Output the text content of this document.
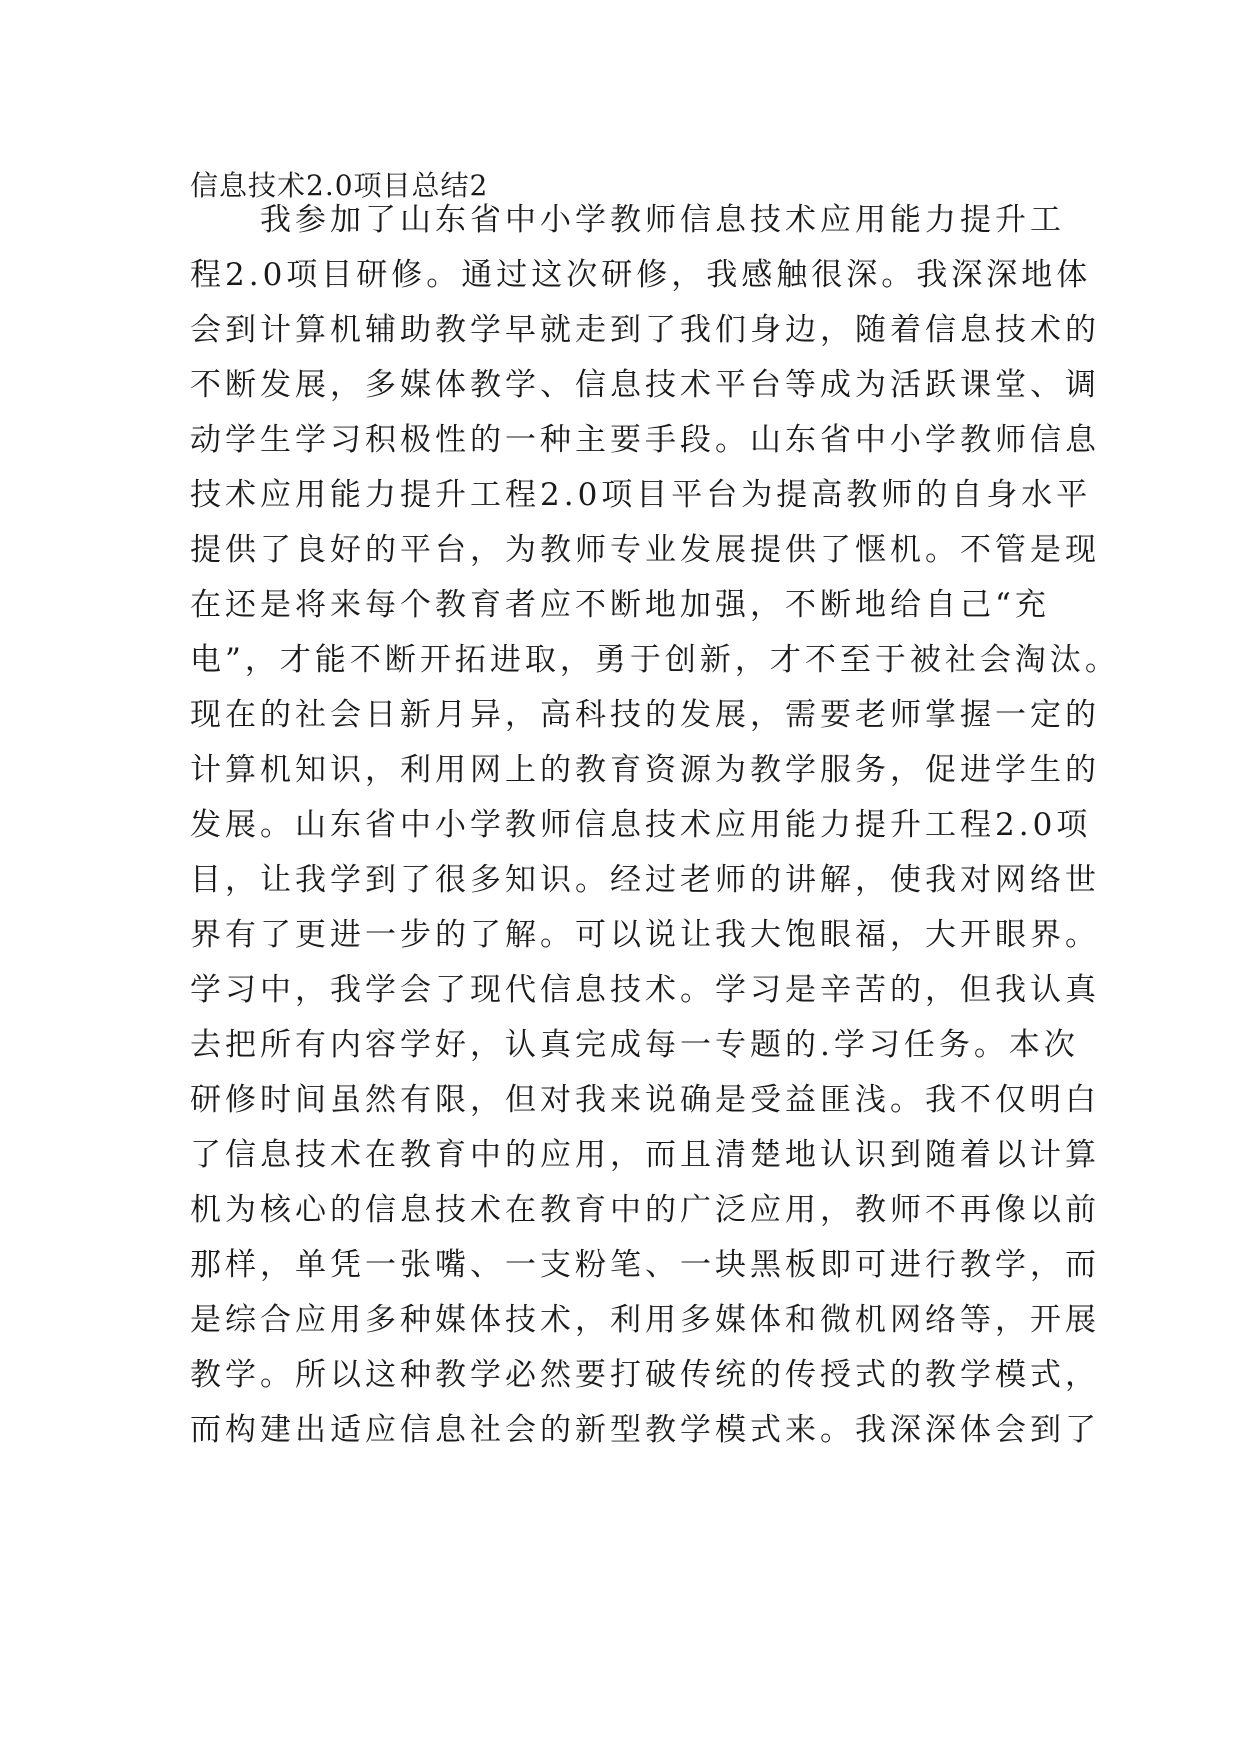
信息技术2.0项目总结2
我参加了山东省中小学教师信息技术应用能力提升工
程2.0项目研修。通过这次研修，我感触很深。我深深地体
会到计算机辅助教学早就走到了我们身边，随着信息技术的
不断发展，多媒体教学、信息技术平台等成为活跃课堂、调
动学生学习积极性的一种主要手段。山东省中小学教师信息
技术应用能力提升工程2.0项目平台为提高教师的自身水平
提供了良好的平台，为教师专业发展提供了惬机。不管是现
在还是将来每个教育者应不断地加强，不断地给自己“充
电”，才能不断开拓进取，勇于创新，才不至于被社会淘汰。
现在的社会日新月异，高科技的发展，需要老师掌握一定的
计算机知识，利用网上的教育资源为教学服务，促进学生的
发展。山东省中小学教师信息技术应用能力提升工程2.0项
目，让我学到了很多知识。经过老师的讲解，使我对网络世
界有了更进一步的了解。可以说让我大饱眼福，大开眼界。
学习中，我学会了现代信息技术。学习是辛苦的，但我认真
去把所有内容学好，认真完成每一专题的.学习任务。本次
研修时间虽然有限，但对我来说确是受益匪浅。我不仅明白
了信息技术在教育中的应用，而且清楚地认识到随着以计算
机为核心的信息技术在教育中的广泛应用，教师不再像以前
那样，单凭一张嘴、一支粉笔、一块黑板即可进行教学，而
是综合应用多种媒体技术，利用多媒体和微机网络等，开展
教学。所以这种教学必然要打破传统的传授式的教学模式，
而构建出适应信息社会的新型教学模式来。我深深体会到了
